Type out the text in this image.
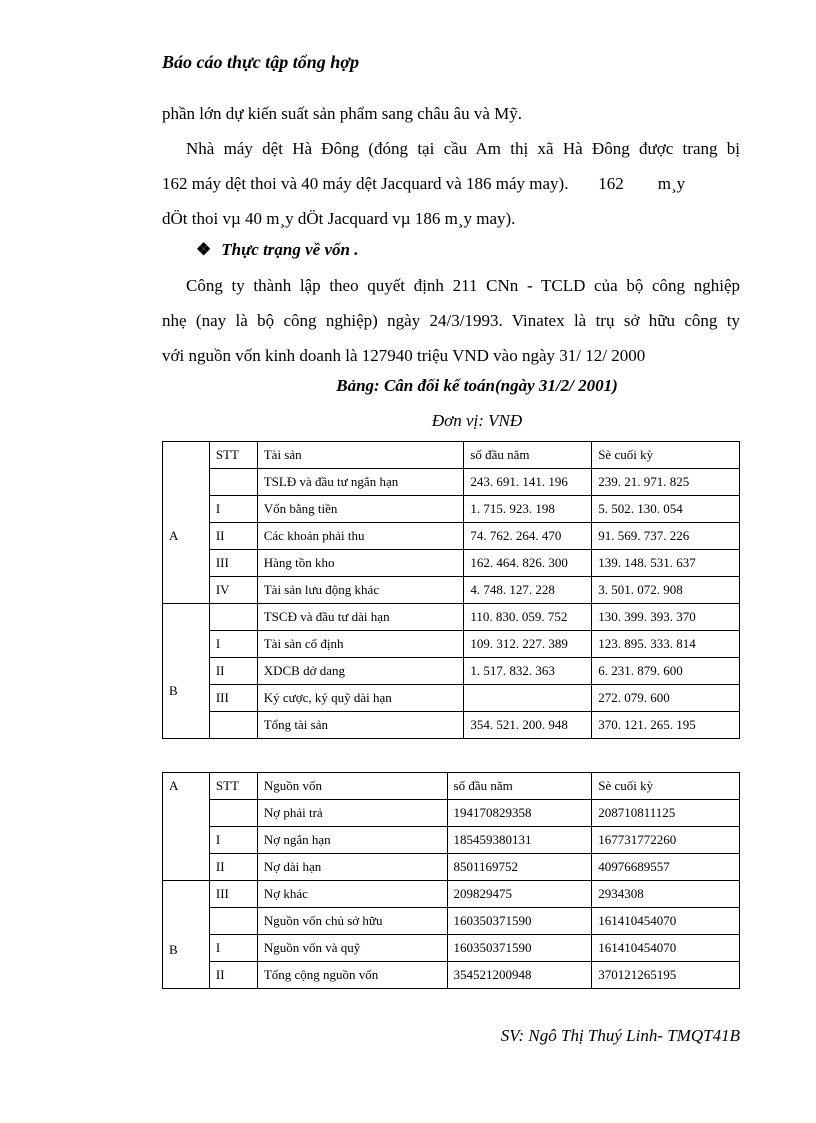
Báo cáo thực tập tổng hợp
phần lớn dự kiến suất sản phẩm sang châu âu và Mỹ.
Nhà máy dệt Hà Đông (đóng tại cầu Am thị xã Hà Đông được trang bị
162 máy dệt thoi và 40 máy dệt Jacquard và 186 máy may).       162        m¸y
dÖt thoi vµ 40 m¸y dÖt Jacquard vµ 186 m¸y may).
❖ Thực trạng về vốn .
Công ty thành lập theo quyết định 211 CNn - TCLD của bộ công nghiệp
nhẹ (nay là bộ công nghiệp) ngày 24/3/1993. Vinatex là trụ sở hữu công ty
với nguồn vốn kinh doanh là 127940 triệu VND vào ngày 31/ 12/ 2000
Bảng: Cân đối kế toán(ngày 31/2/ 2001)
Đơn vị: VNĐ
A	STT	Tài sản	số đầu năm	Sè cuối kỳ
		TSLĐ và đầu tư ngắn hạn	243. 691. 141. 196	239. 21. 971. 825
	I	Vốn bằng tiền	1. 715. 923. 198	5. 502. 130. 054
	II	Các khoản phải thu	74. 762. 264. 470	91. 569. 737. 226
	III	Hàng tồn kho	162. 464. 826. 300	139. 148. 531. 637
	IV	Tài sản lưu động khác	4. 748. 127. 228	3. 501. 072. 908
B		TSCĐ và đầu tư dài hạn	110. 830. 059. 752	130. 399. 393. 370
	I	Tài sản cố định	109. 312. 227. 389	123. 895. 333. 814
	II	XDCB dở dang	1. 517. 832. 363	6. 231. 879. 600
	III	Ký cược, ký quỹ dài hạn		272. 079. 600
		Tổng tài sản	354. 521. 200. 948	370. 121. 265. 195
A	STT	Nguồn vốn	số đầu năm	Sè cuối kỳ
		Nợ phải trả	194170829358	208710811125
	I	Nợ ngắn hạn	185459380131	167731772260
	II	Nợ dài hạn	8501169752	40976689557
B	III	Nợ khác	209829475	2934308
		Nguồn vốn chủ sở hữu	160350371590	161410454070
	I	Nguồn vốn và quỹ	160350371590	161410454070
	II	Tổng cộng nguồn vốn	354521200948	370121265195
SV: Ngô Thị Thuý Linh- TMQT41B
